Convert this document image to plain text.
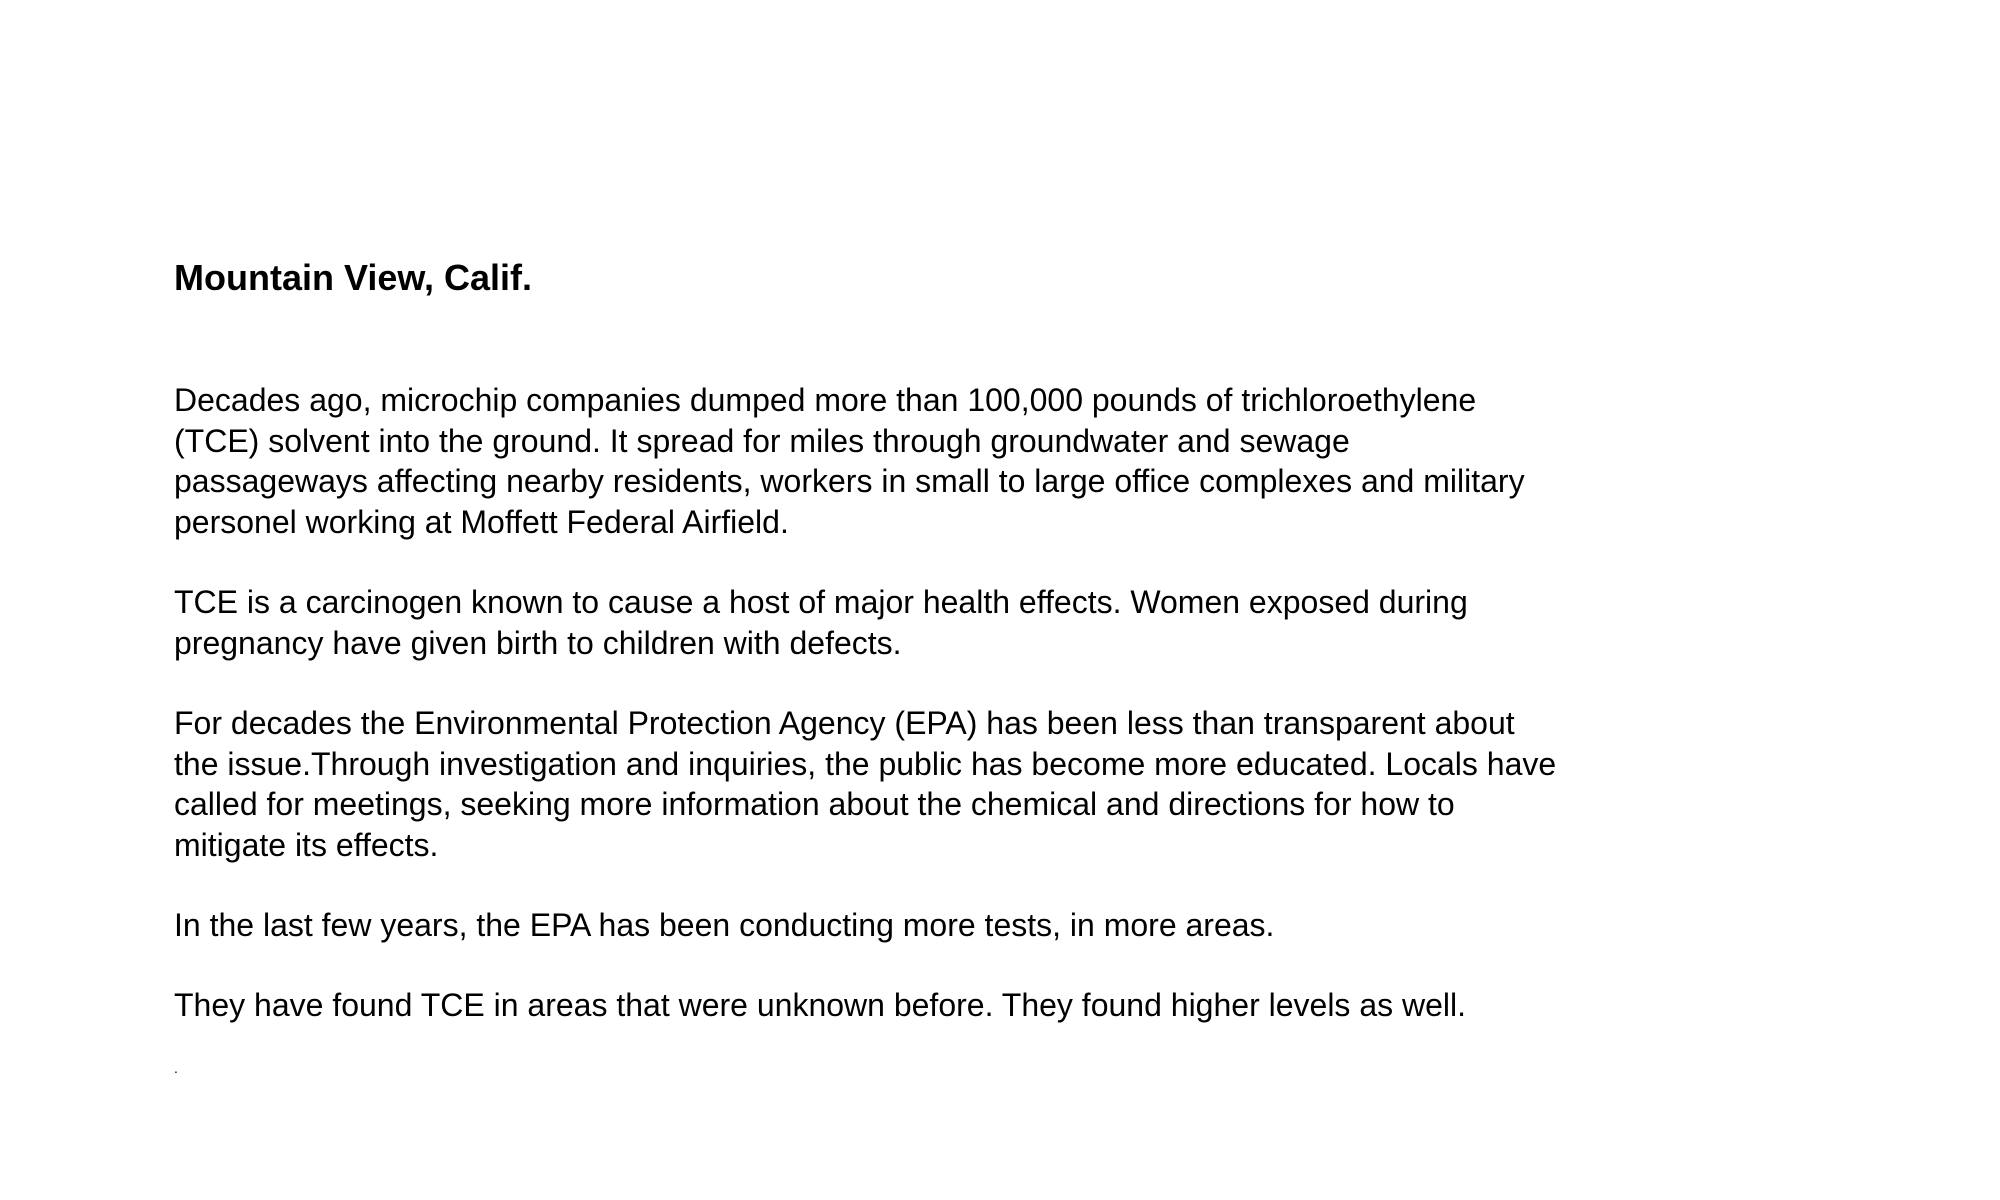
Mountain View, Calif.

Decades ago, microchip companies dumped more than 100,000 pounds of trichloroethylene
(TCE) solvent into the ground. It spread for miles through groundwater and sewage
passageways affecting nearby residents, workers in small to large office complexes and military
personel working at Moffett Federal Airfield.

TCE is a carcinogen known to cause a host of major health effects. Women exposed during
pregnancy have given birth to children with defects.

For decades the Environmental Protection Agency (EPA) has been less than transparent about
the issue.Through investigation and inquiries, the public has become more educated. Locals have
called for meetings, seeking more information about the chemical and directions for how to
mitigate its effects.

In the last few years, the EPA has been conducting more tests, in more areas.

They have found TCE in areas that were unknown before. They found higher levels as well.

.
